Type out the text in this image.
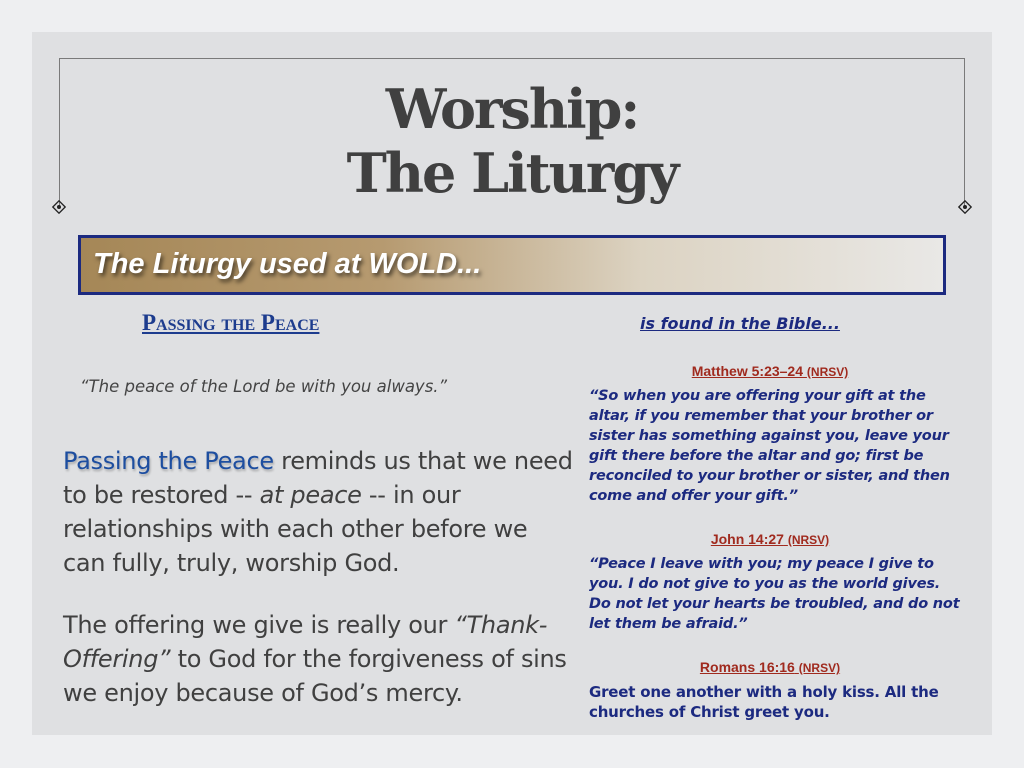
Worship:
The Liturgy
The Liturgy used at WOLD...
Passing the Peace	is found in the Bible...
“The peace of the Lord be with you always.”
Passing the Peace reminds us that we need to be restored -- at peace -- in our relationships with each other before we can fully, truly, worship God.
The offering we give is really our “Thank-Offering” to God for the forgiveness of sins we enjoy because of God’s mercy.
Matthew 5:23–24 (NRSV)
“So when you are offering your gift at the altar, if you remember that your brother or sister has something against you, leave your gift there before the altar and go; first be reconciled to your brother or sister, and then come and offer your gift.”
John 14:27 (NRSV)
“Peace I leave with you; my peace I give to you. I do not give to you as the world gives. Do not let your hearts be troubled, and do not let them be afraid.”
Romans 16:16 (NRSV)
Greet one another with a holy kiss. All the churches of Christ greet you.
